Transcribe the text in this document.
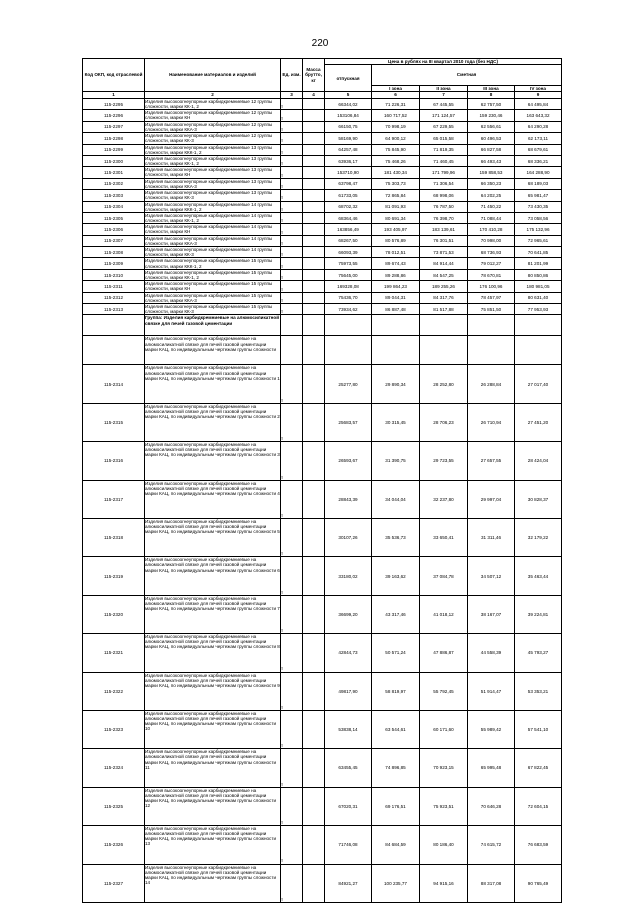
220
Код ОКП, код отраслевой	Наименование материалов и изделий	Ед. изм.	Масса брутто, кг	Цена в рублях на III квартал 2010 года (без НДС)				
				отпускная	Сметная			
					I зона	II зона	III зона	IV зона
1	2	3	4	5	6	7	8	9
115-2295	Изделия высокоогнеупорные карбидкремниевые 12 группы сложности, марки КК-1, 2	т		66344,02	71 226,31	67 445,55	62 757,50	64 495,84
115-2296	Изделия высокоогнеупорные карбидкремниевые 12 группы сложности, марки КН	т		153106,84	160 717,52	171 124,57	159 230,46	163 643,32
115-2297	Изделия высокоогнеупорные карбидкремниевые 12 группы сложности, марки ККА-3	т		66150,75	70 998,19	67 229,55	62 556,61	64 290,28
115-2298	Изделия высокоогнеупорные карбидкремниевые 12 группы сложности, марки КК-3	т		58169,90	64 900,12	65 015,58	60 496,53	62 173,11
115-2299	Изделия высокоогнеупорные карбидкремниевые 13 группы сложности, марки ККК-1, 2	т		64257,48	75 845,90	71 819,35	66 827,58	68 679,61
115-2300	Изделия высокоогнеупорные карбидкремниевые 13 группы сложности, марки КК-1, 2	т		63936,17	75 468,26	71 460,45	66 493,43	68 336,21
115-2301	Изделия высокоогнеупорные карбидкремниевые 13 группы сложности, марки КН	т		153710,90	181 430,34	171 799,96	159 858,53	164 288,90
115-2302	Изделия высокоогнеупорные карбидкремниевые 13 группы сложности, марки ККА-3	т		63798,47	75 303,73	71 306,54	66 350,23	68 189,03
115-2303	Изделия высокоогнеупорные карбидкремниевые 13 группы сложности, марки КК-3	т		61733,05	72 865,84	68 998,06	64 202,25	65 981,47
115-2304	Изделия высокоогнеупорные карбидкремниевые 14 группы сложности, марки ККК-1, 2	т		68702,32	81 091,93	76 787,50	71 450,22	73 430,35
115-2305	Изделия высокоогнеупорные карбидкремниевые 14 группы сложности, марки КК-1, 2	т		68364,46	80 691,34	76 398,70	71 088,44	73 058,56
115-2306	Изделия высокоогнеупорные карбидкремниевые 14 группы сложности, марки КН	т		163856,49	193 405,97	183 139,61	170 410,28	175 132,96
115-2307	Изделия высокоогнеупорные карбидкремниевые 14 группы сложности, марки ККА-3	т		68267,50	80 576,89	76 301,51	70 998,00	72 965,61
115-2308	Изделия высокоогнеупорные карбидкремниевые 14 группы сложности, марки КК-3	т		66093,39	78 012,51	73 871,53	68 736,93	70 641,85
115-2309	Изделия высокоогнеупорные карбидкремниевые 15 группы сложности, марки ККК-1, 2	т		75973,55	89 674,43	84 914,44	79 012,27	81 201,99
115-2310	Изделия высокоогнеупорные карбидкремниевые 15 группы сложности, марки КК-1, 2	т		75645,00	89 288,86	84 547,25	78 670,81	80 850,86
115-2311	Изделия высокоогнеупорные карбидкремниевые 15 группы сложности, марки КН	т		169328,08	199 864,23	189 255,26	176 100,96	180 981,05
115-2312	Изделия высокоогнеупорные карбидкремниевые 15 группы сложности, марки ККА-3	т		75436,70	89 044,31	84 317,76	78 457,97	80 631,40
115-2313	Изделия высокоогнеупорные карбидкремниевые 15 группы сложности, марки КК-3	т		73934,62	86 887,48	81 517,88	75 851,50	77 953,93
	Группа: Изделия карбидкремниевые на алюмосиликатной связке для печей газовой цементации							
	Изделия высокоогнеупорные карбидкремниевые на алюмосиликатной связке для печей газовой цементации марки КАЦ, по индивидуальным чертежам группы сложности							
115-2314	Изделия высокоогнеупорные карбидкремниевые на алюмосиликатной связке для печей газовой цементации марки КАЦ, по индивидуальным чертежам группы сложности 1	т		25277,80	29 890,34	28 252,80	26 288,84	27 017,40
115-2315	Изделия высокоогнеупорные карбидкремниевые на алюмосиликатной связке для печей газовой цементации марки КАЦ, по индивидуальным чертежам группы сложности 2	т		25683,57	30 315,45	28 706,23	26 710,94	27 451,20
115-2316	Изделия высокоогнеупорные карбидкремниевые на алюмосиликатной связке для печей газовой цементации марки КАЦ, по индивидуальным чертежам группы сложности 3	т		26593,67	31 390,75	29 723,55	27 657,55	28 424,04
115-2317	Изделия высокоогнеупорные карбидкремниевые на алюмосиликатной связке для печей газовой цементации марки КАЦ, по индивидуальным чертежам группы сложности 4	т		28843,39	34 044,04	32 237,80	29 997,04	30 828,37
115-2318	Изделия высокоогнеупорные карбидкремниевые на алюмосиликатной связке для печей газовой цементации марки КАЦ, по индивидуальным чертежам группы сложности 5	т		30107,26	35 536,73	33 650,41	31 311,46	32 179,22
115-2319	Изделия высокоогнеупорные карбидкремниевые на алюмосиликатной связке для печей газовой цементации марки КАЦ, по индивидуальным чертежам группы сложности 6	т		33180,02	39 163,62	37 084,78	34 507,12	35 463,44
115-2320	Изделия высокоогнеупорные карбидкремниевые на алюмосиликатной связке для печей газовой цементации марки КАЦ, по индивидуальным чертежам группы сложности 7	т		36699,20	43 317,46	41 018,12	38 167,07	39 224,81
115-2321	Изделия высокоогнеупорные карбидкремниевые на алюмосиликатной связке для печей газовой цементации марки КАЦ, по индивидуальным чертежам группы сложности 8	т		42844,73	50 571,24	47 886,87	44 558,39	45 793,27
115-2322	Изделия высокоогнеупорные карбидкремниевые на алюмосиликатной связке для печей газовой цементации марки КАЦ, по индивидуальным чертежам группы сложности 9	т		49817,90	58 819,97	55 792,45	51 914,47	53 353,21
115-2323	Изделия высокоогнеупорные карбидкремниевые на алюмосиликатной связке для печей газовой цементации марки КАЦ, по индивидуальным чертежам группы сложности 10	т		53838,14	63 544,61	60 171,60	55 989,42	57 541,10
115-2324	Изделия высокоогнеупорные карбидкремниевые на алюмосиликатной связке для печей газовой цементации марки КАЦ, по индивидуальным чертежам группы сложности 11	т		63455,45	74 896,85	70 923,15	65 995,48	67 822,45
115-2325	Изделия высокоогнеупорные карбидкремниевые на алюмосиликатной связке для печей газовой цементации марки КАЦ, по индивидуальным чертежам группы сложности 12	т		67020,31	69 176,51	75 923,51	70 646,28	72 604,15
115-2326	Изделия высокоогнеупорные карбидкремниевые на алюмосиликатной связке для печей газовой цементации марки КАЦ, по индивидуальным чертежам группы сложности 13	т		71746,08	84 684,59	80 186,40	74 615,72	76 683,59
115-2327	Изделия высокоогнеупорные карбидкремниевые на алюмосиликатной связке для печей газовой цементации марки КАЦ, по индивидуальным чертежам группы сложности 14	т		84921,27	100 235,77	94 915,16	88 317,08	90 765,49
